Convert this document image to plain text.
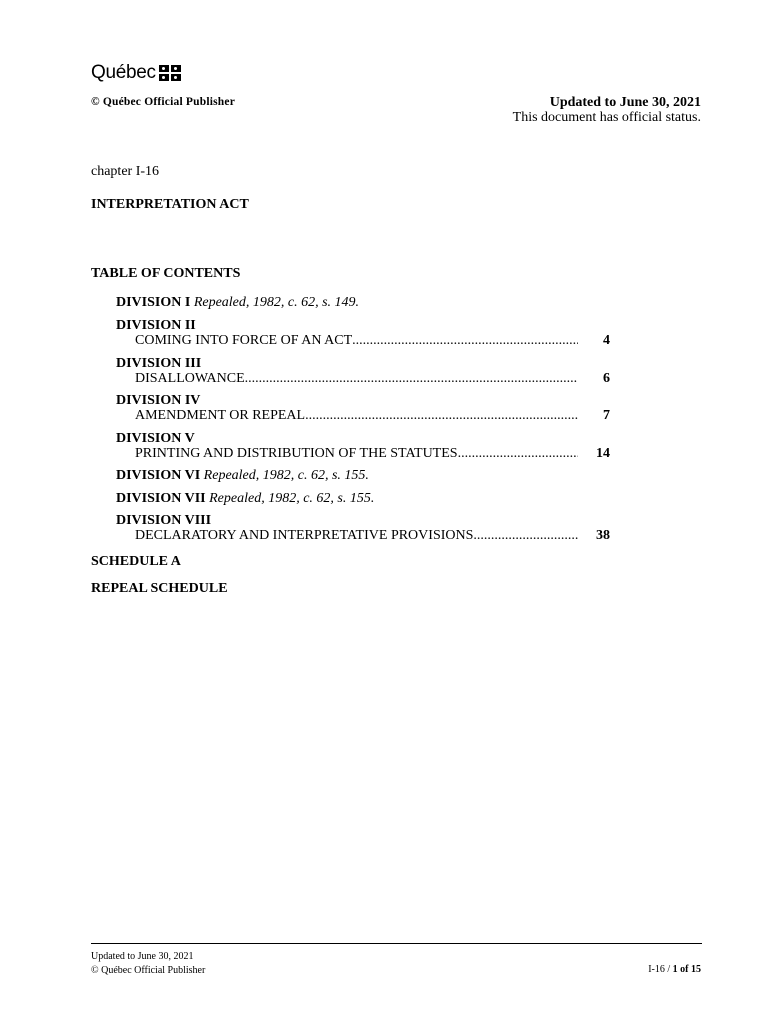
Québec
© Québec Official Publisher	Updated to June 30, 2021
This document has official status.
chapter I-16
INTERPRETATION ACT
TABLE OF CONTENTS
DIVISION I Repealed, 1982, c. 62, s. 149.
DIVISION II
COMING INTO FORCE OF AN ACT .....	4
DIVISION III
DISALLOWANCE .....	6
DIVISION IV
AMENDMENT OR REPEAL .....	7
DIVISION V
PRINTING AND DISTRIBUTION OF THE STATUTES .....	14
DIVISION VI Repealed, 1982, c. 62, s. 155.
DIVISION VII Repealed, 1982, c. 62, s. 155.
DIVISION VIII
DECLARATORY AND INTERPRETATIVE PROVISIONS .....	38
SCHEDULE A
REPEAL SCHEDULE
Updated to June 30, 2021
© Québec Official Publisher	I-16 / 1 of 15
